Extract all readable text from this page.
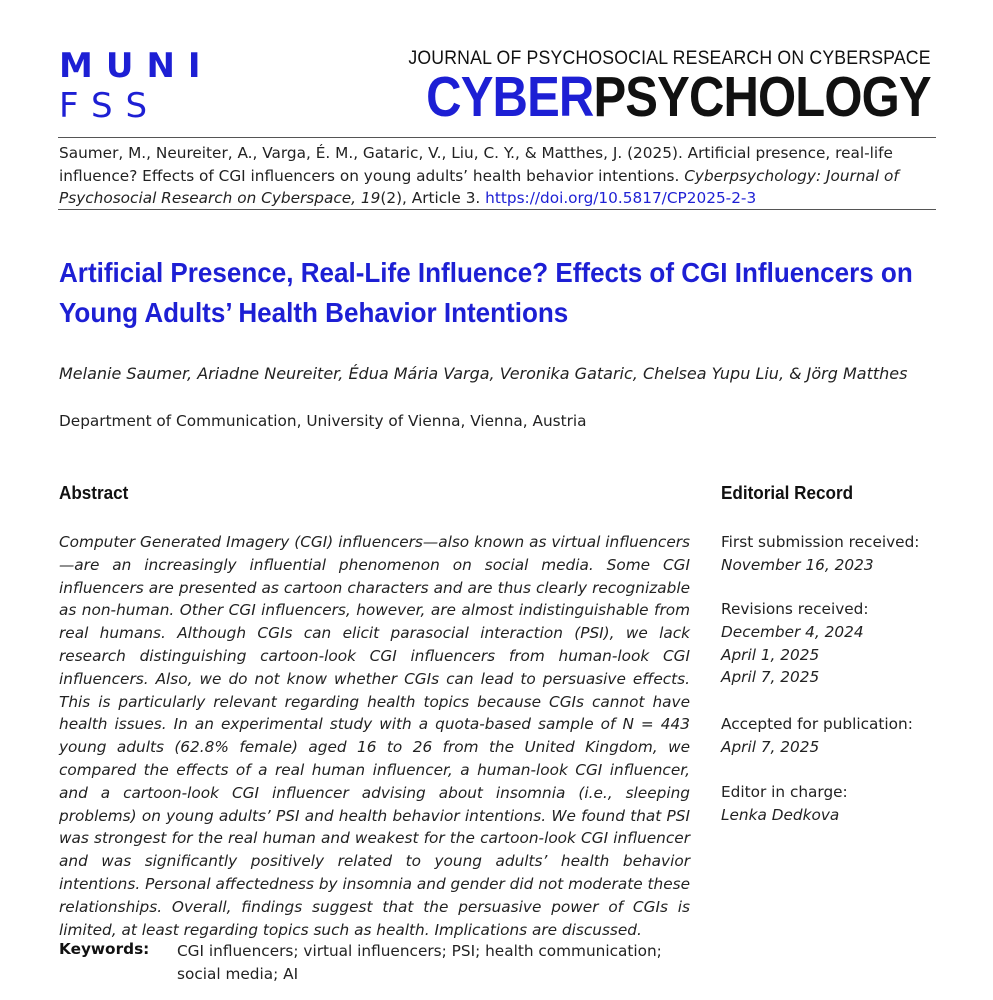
MUNI
FSS
JOURNAL OF PSYCHOSOCIAL RESEARCH ON CYBERSPACE
CYBERPSYCHOLOGY
Saumer, M., Neureiter, A., Varga, É. M., Gataric, V., Liu, C. Y., & Matthes, J. (2025). Artificial presence, real-life influence? Effects of CGI influencers on young adults’ health behavior intentions. Cyberpsychology: Journal of Psychosocial Research on Cyberspace, 19(2), Article 3. https://doi.org/10.5817/CP2025-2-3
Artificial Presence, Real-Life Influence? Effects of CGI Influencers on
Young Adults’ Health Behavior Intentions
Melanie Saumer, Ariadne Neureiter, Édua Mária Varga, Veronika Gataric, Chelsea Yupu Liu, & Jörg Matthes
Department of Communication, University of Vienna, Vienna, Austria
Abstract
Computer Generated Imagery (CGI) influencers—also known as virtual influencers—are an increasingly influential phenomenon on social media. Some CGI influencers are presented as cartoon characters and are thus clearly recognizable as non-human. Other CGI influencers, however, are almost indistinguishable from real humans. Although CGIs can elicit parasocial interaction (PSI), we lack research distinguishing cartoon-look CGI influencers from human-look CGI influencers. Also, we do not know whether CGIs can lead to persuasive effects. This is particularly relevant regarding health topics because CGIs cannot have health issues. In an experimental study with a quota-based sample of N = 443 young adults (62.8% female) aged 16 to 26 from the United Kingdom, we compared the effects of a real human influencer, a human-look CGI influencer, and a cartoon-look CGI influencer advising about insomnia (i.e., sleeping problems) on young adults’ PSI and health behavior intentions. We found that PSI was strongest for the real human and weakest for the cartoon-look CGI influencer and was significantly positively related to young adults’ health behavior intentions. Personal affectedness by insomnia and gender did not moderate these relationships. Overall, findings suggest that the persuasive power of CGIs is limited, at least regarding topics such as health. Implications are discussed.
Keywords: CGI influencers; virtual influencers; PSI; health communication; social media; AI
Editorial Record
First submission received:
November 16, 2023
Revisions received:
December 4, 2024
April 1, 2025
April 7, 2025
Accepted for publication:
April 7, 2025
Editor in charge:
Lenka Dedkova
